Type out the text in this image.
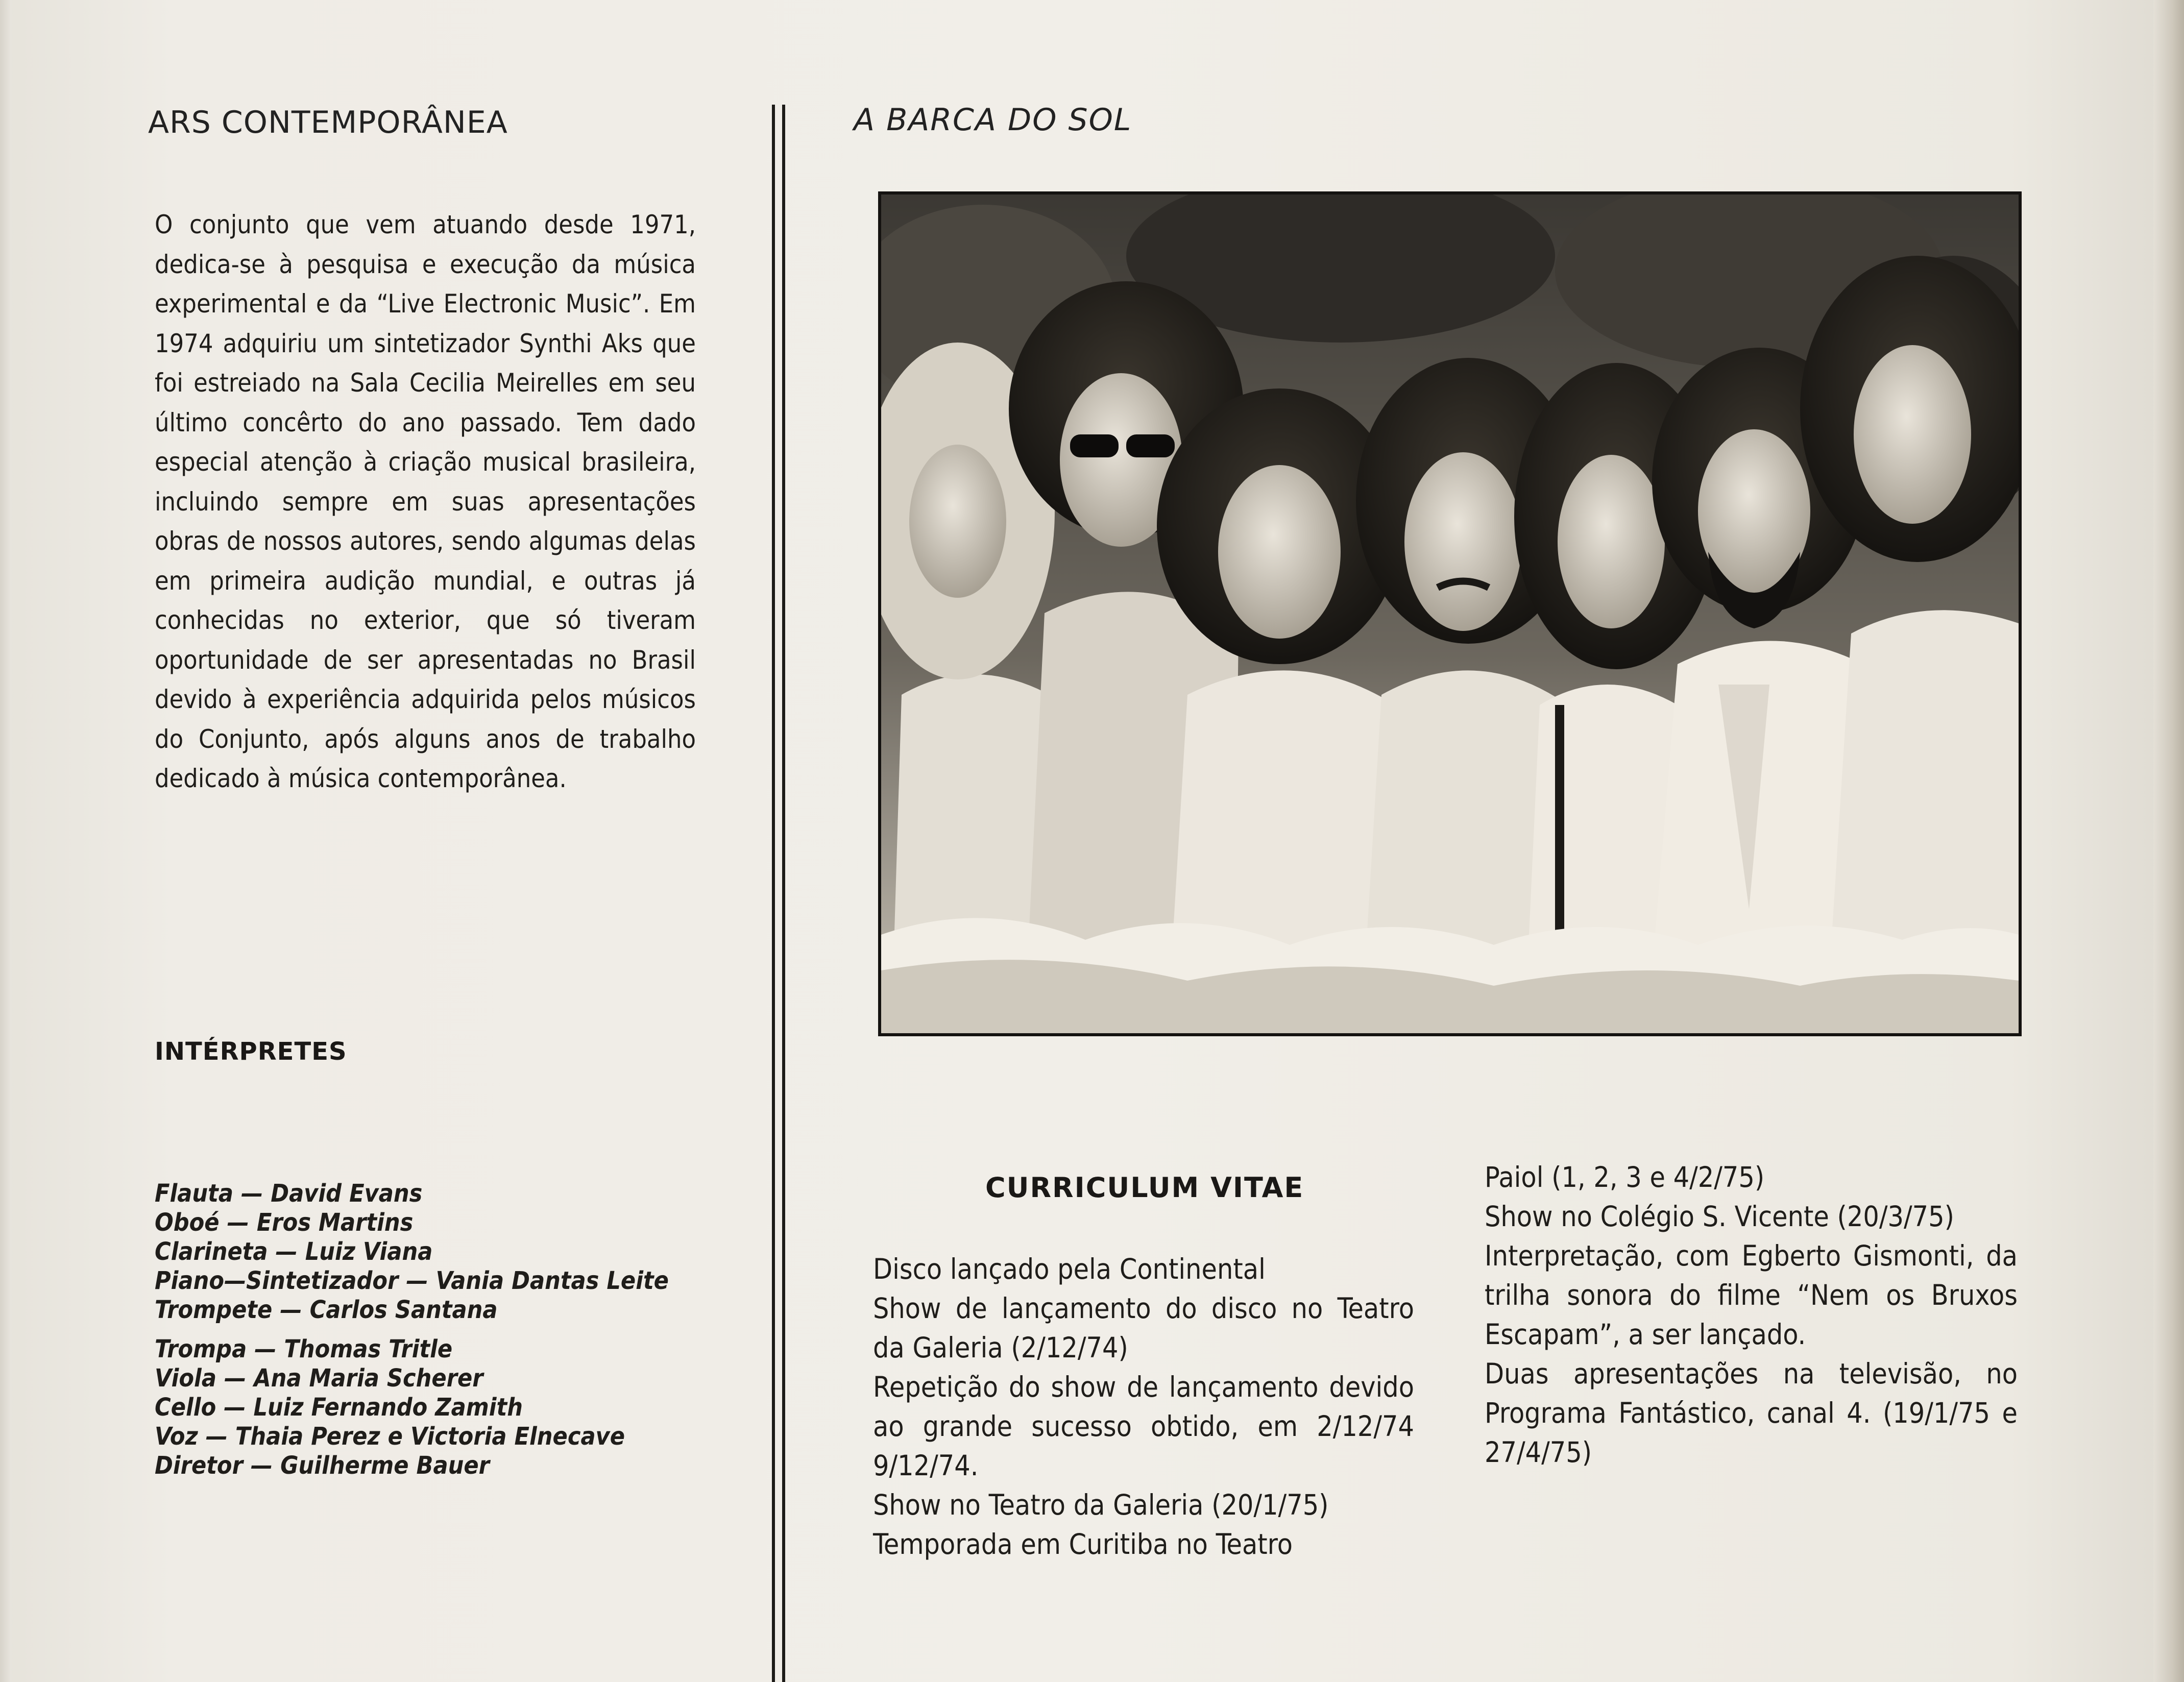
ARS CONTEMPORÂNEA

O conjunto que vem atuando desde 1971, dedica-se à pesquisa e execução da música experimental e da “Live Electronic Music”. Em 1974 adquiriu um sintetizador Synthi Aks que foi estreiado na Sala Cecilia Meirelles em seu último concêrto do ano passado. Tem dado especial atenção à criação musical brasileira, incluindo sempre em suas apresentações obras de nossos autores, sendo algumas delas em primeira audição mundial, e outras já conhecidas no exterior, que só tiveram oportunidade de ser apresentadas no Brasil devido à experiência adquirida pelos músicos do Conjunto, após alguns anos de trabalho dedicado à música contemporânea.

INTÉRPRETES
Flauta — David Evans
Oboé — Eros Martins
Clarineta — Luiz Viana
Piano—Sintetizador — Vania Dantas Leite
Trompete — Carlos Santana
Trompa — Thomas Tritle
Viola — Ana Maria Scherer
Cello — Luiz Fernando Zamith
Voz — Thaia Perez e Victoria Elnecave
Diretor — Guilherme Bauer
A BARCA DO SOL
CURRICULUM VITAE
Disco lançado pela Continental
Show de lançamento do disco no Teatro da Galeria (2/12/74)
Repetição do show de lançamento devido ao grande sucesso obtido, em 2/12/74 9/12/74.
Show no Teatro da Galeria (20/1/75)
Temporada em Curitiba no Teatro
Paiol (1, 2, 3 e 4/2/75)
Show no Colégio S. Vicente (20/3/75)
Interpretação, com Egberto Gismonti, da trilha sonora do filme “Nem os Bruxos Escapam”, a ser lançado.
Duas apresentações na televisão, no Programa Fantástico, canal 4. (19/1/75 e 27/4/75)
